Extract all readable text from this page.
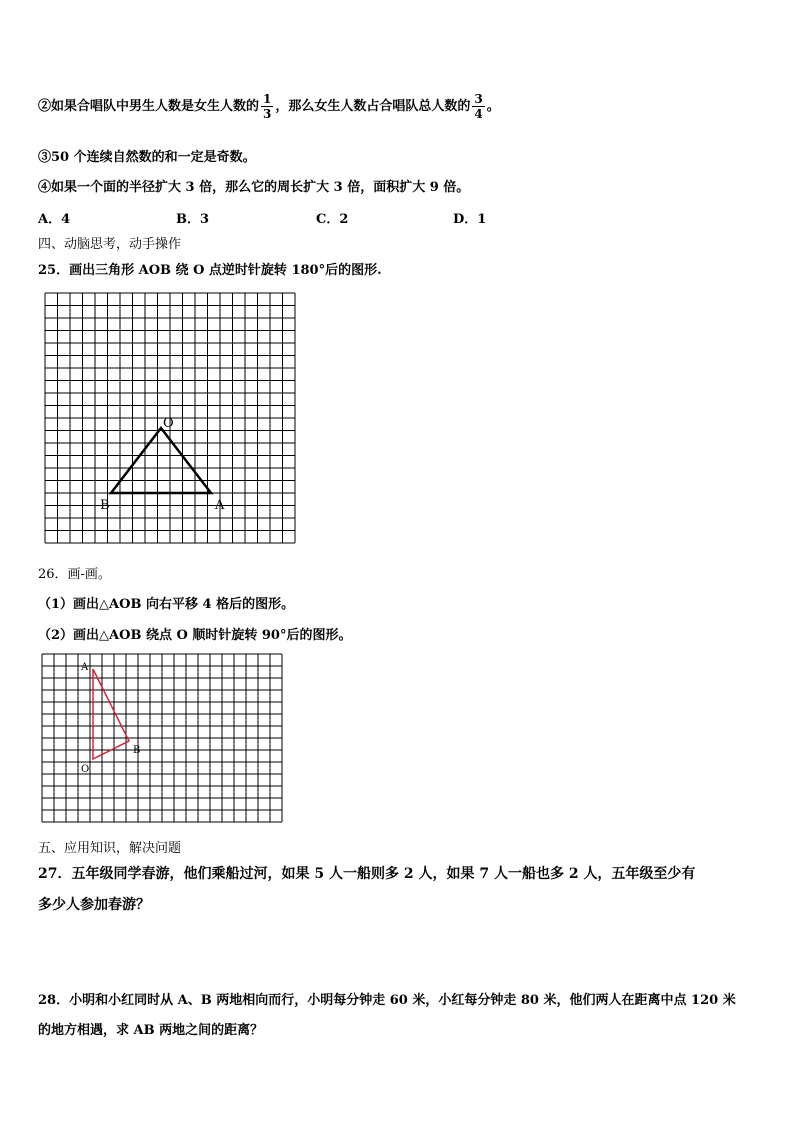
②如果合唱队中男生人数是女生人数的 $\frac{1}{3}$ ，那么女生人数占合唱队总人数的 $\frac{3}{4}$ 。
③50 个连续自然数的和一定是奇数。
④如果一个面的半径扩大 3 倍，那么它的周长扩大 3 倍，面积扩大 9 倍。
A．4	B．3	C．2	D．1
四、动脑思考，动手操作
25．画出三角形 AOB 绕 O 点逆时针旋转 180°后的图形.
O
B	A
26．画-画。
（1）画出△AOB 向右平移 4 格后的图形。
（2）画出△AOB 绕点 O 顺时针旋转 90°后的图形。
A
B
O
五、应用知识，解决问题
27．五年级同学春游，他们乘船过河，如果 5 人一船则多 2 人，如果 7 人一船也多 2 人，五年级至少有
多少人参加春游？
28．小明和小红同时从 A、B 两地相向而行，小明每分钟走 60 米，小红每分钟走 80 米，他们两人在距离中点 120 米
的地方相遇，求 AB 两地之间的距离？
